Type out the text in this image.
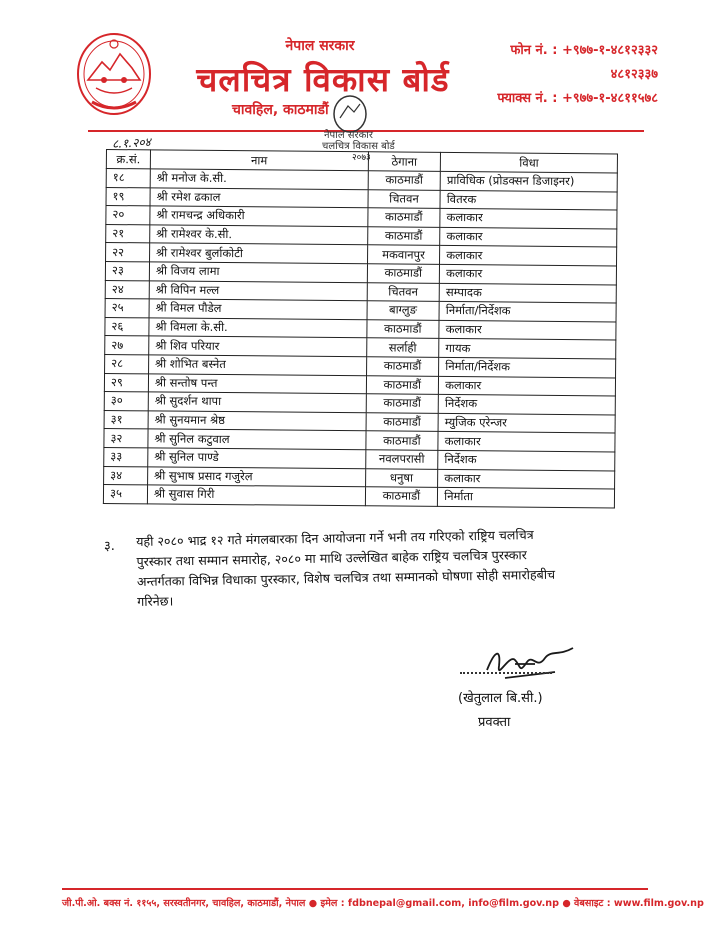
नेपाल सरकार
चलचित्र विकास बोर्ड
चावहिल, काठमाडौं
फोन नं. : +९७७-१-४८१२३३२
४८१२३३७
फ्याक्स नं. : +९७७-१-४८११५७८
नेपाल सरकार
चलचित्र विकास बोर्ड
८.१.२०४
२०७३
क्र.सं.	नाम	ठेगाना	विधा
१८	श्री मनोज के.सी.	काठमाडौं	प्राविधिक (प्रोडक्सन डिजाइनर)
१९	श्री रमेश ढकाल	चितवन	वितरक
२०	श्री रामचन्द्र अधिकारी	काठमाडौं	कलाकार
२१	श्री रामेश्वर के.सी.	काठमाडौं	कलाकार
२२	श्री रामेश्वर बुर्लाकोटी	मकवानपुर	कलाकार
२३	श्री विजय लामा	काठमाडौं	कलाकार
२४	श्री विपिन मल्ल	चितवन	सम्पादक
२५	श्री विमल पौडेल	बाग्लुङ	निर्माता/निर्देशक
२६	श्री विमला के.सी.	काठमाडौं	कलाकार
२७	श्री शिव परियार	सर्लाही	गायक
२८	श्री शोभित बस्नेत	काठमाडौं	निर्माता/निर्देशक
२९	श्री सन्तोष पन्त	काठमाडौं	कलाकार
३०	श्री सुदर्शन थापा	काठमाडौं	निर्देशक
३१	श्री सुनयमान श्रेष्ठ	काठमाडौं	म्युजिक एरेन्जर
३२	श्री सुनिल कटुवाल	काठमाडौं	कलाकार
३३	श्री सुनिल पाण्डे	नवलपरासी	निर्देशक
३४	श्री सुभाष प्रसाद गजुरेल	धनुषा	कलाकार
३५	श्री सुवास गिरी	काठमाडौं	निर्माता
३. यही २०८० भाद्र १२ गते मंगलबारका दिन आयोजना गर्ने भनी तय गरिएको राष्ट्रिय चलचित्र
पुरस्कार तथा सम्मान समारोह, २०८० मा माथि उल्लेखित बाहेक राष्ट्रिय चलचित्र पुरस्कार
अन्तर्गतका विभिन्न विधाका पुरस्कार, विशेष चलचित्र तथा सम्मानको घोषणा सोही समारोहबीच
गरिनेछ।
(खेतुलाल बि.सी.)
प्रवक्ता
जी.पी.ओ. बक्स नं. ११५५, सरस्वतीनगर, चावहिल, काठमाडौं, नेपाल ● इमेल : fdbnepal@gmail.com, info@film.gov.np ● वेबसाइट : www.film.gov.np
